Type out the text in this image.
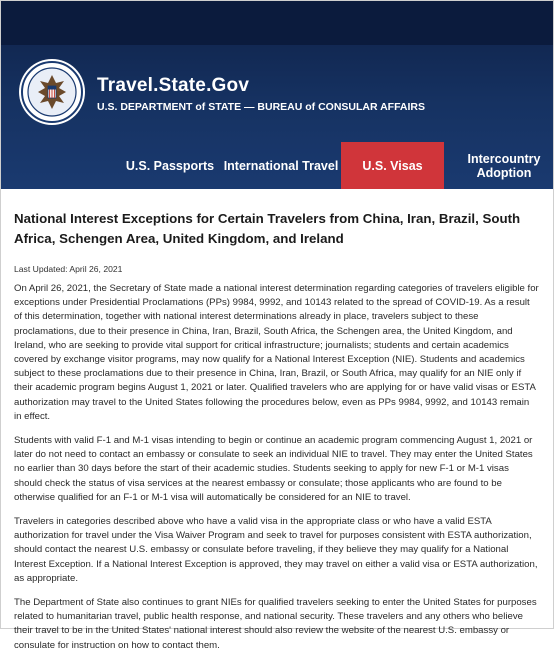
Travel.State.Gov
U.S. DEPARTMENT of STATE — BUREAU of CONSULAR AFFAIRS
U.S. Passports International Travel	U.S. Visas	Intercountry Adoption
National Interest Exceptions for Certain Travelers from China, Iran, Brazil, South Africa, Schengen Area, United Kingdom, and Ireland

Last Updated: April 26, 2021

On April 26, 2021, the Secretary of State made a national interest determination regarding categories of travelers eligible for exceptions under Presidential Proclamations (PPs) 9984, 9992, and 10143 related to the spread of COVID-19. As a result of this determination, together with national interest determinations already in place, travelers subject to these proclamations, due to their presence in China, Iran, Brazil, South Africa, the Schengen area, the United Kingdom, and Ireland, who are seeking to provide vital support for critical infrastructure; journalists; students and certain academics covered by exchange visitor programs, may now qualify for a National Interest Exception (NIE). Students and academics subject to these proclamations due to their presence in China, Iran, Brazil, or South Africa, may qualify for an NIE only if their academic program begins August 1, 2021 or later. Qualified travelers who are applying for or have valid visas or ESTA authorization may travel to the United States following the procedures below, even as PPs 9984, 9992, and 10143 remain in effect.

Students with valid F-1 and M-1 visas intending to begin or continue an academic program commencing August 1, 2021 or later do not need to contact an embassy or consulate to seek an individual NIE to travel. They may enter the United States no earlier than 30 days before the start of their academic studies. Students seeking to apply for new F-1 or M-1 visas should check the status of visa services at the nearest embassy or consulate; those applicants who are found to be otherwise qualified for an F-1 or M-1 visa will automatically be considered for an NIE to travel.

Travelers in categories described above who have a valid visa in the appropriate class or who have a valid ESTA authorization for travel under the Visa Waiver Program and seek to travel for purposes consistent with ESTA authorization, should contact the nearest U.S. embassy or consulate before traveling, if they believe they may qualify for a National Interest Exception. If a National Interest Exception is approved, they may travel on either a valid visa or ESTA authorization, as appropriate.

The Department of State also continues to grant NIEs for qualified travelers seeking to enter the United States for purposes related to humanitarian travel, public health response, and national security. These travelers and any others who believe their travel to be in the United States' national interest should also review the website of the nearest U.S. embassy or consulate for instruction on how to contact them.
